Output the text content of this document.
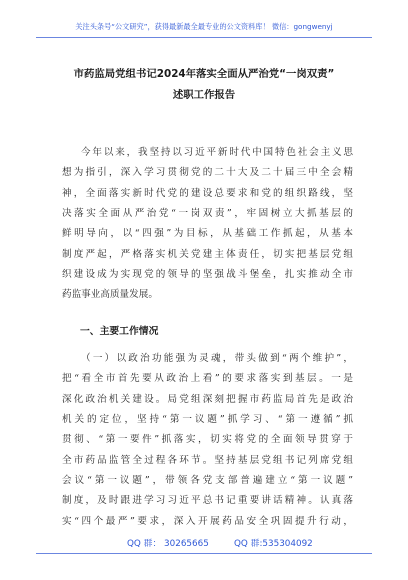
关注头条号“公文研究”，获得最新最全最专业的公文资料库！ 微信：gongwenyj
市药监局党组书记2024年落实全面从严治党“一岗双责”
述职工作报告
今年以来，我坚持以习近平新时代中国特色社会主义思
想为指引，深入学习贯彻党的二十大及二十届三中全会精
神，全面落实新时代党的建设总要求和党的组织路线，坚
决落实全面从严治党“一岗双责”，牢固树立大抓基层的
鲜明导向，以“四强”为目标，从基础工作抓起，从基本
制度严起，严格落实机关党建主体责任，切实把基层党组
织建设成为实现党的领导的坚强战斗堡垒，扎实推动全市
药监事业高质量发展。
一、主要工作情况
（一）以政治功能强为灵魂，带头做到“两个维护”，
把“看全市首先要从政治上看”的要求落实到基层。一是
深化政治机关建设。局党组深刻把握市药监局首先是政治
机关的定位，坚持“第一议题”抓学习、“第一遵循”抓
贯彻、“第一要件”抓落实，切实将党的全面领导贯穿于
全市药品监管全过程各环节。坚持基层党组书记列席党组
会议“第一议题”，带领各党支部普遍建立“第一议题”
制度，及时跟进学习习近平总书记重要讲话精神。认真落
实“四个最严”要求，深入开展药品安全巩固提升行动，
QQ 群： 30265665	QQ 群:535304092
